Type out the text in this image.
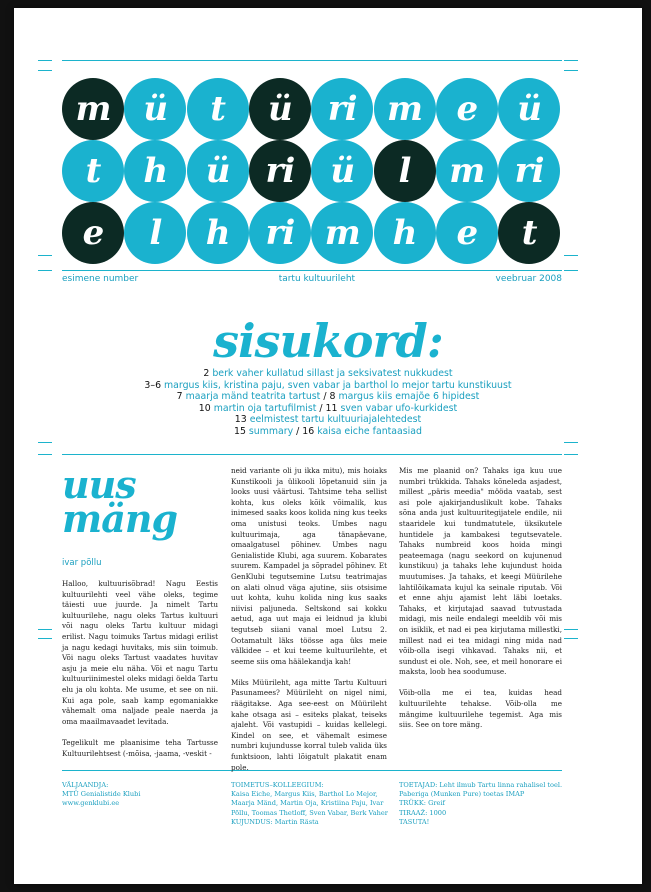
m ü	t	ü	ri m	e	ü
t	h	ü	ri	ü	l	m ri
e	l	h	ri m h	e	t
esimene number	tartu kultuurileht	veebruar 2008
sisukord:
2 berk vaher kullatud sillast ja seksivatest nukkudest
3–6 margus kiis, kristina paju, sven vabar ja barthol lo mejor tartu kunstikuust
7 maarja mänd teatrita tartust / 8 margus kiis emajõe 6 hipidest
10 martin oja tartufilmist / 11 sven vabar ufo-kurkidest
13 eelmistest tartu kultuuriajalehtedest
15 summary / 16 kaisa eiche fantaasiad
uus
mäng
ivar põllu

Halloo, kultuurisõbrad! Nagu Eestis kultuurilehti veel vähe oleks, tegime täiesti uue juurde. Ja nimelt Tartu kultuurilehe, nagu oleks Tartus kultuuri või nagu oleks Tartu kultuur midagi erilist. Nagu toimuks Tartus midagi erilist ja nagu kedagi huvitaks, mis siin toimub. Või nagu oleks Tartust vaadates huvitav asju ja meie elu näha. Või et nagu Tartu kultuuriinimestel oleks midagi öelda Tartu elu ja olu kohta. Me usume, et see on nii. Kui aga pole, saab kamp egomaniakke vähemalt oma naljade peale naerda ja oma maailmavaadet levitada.

Tegelikult me plaanisime teha Tartusse Kultuurilehtsest (-mõisa, -jaama, -veskit -

neid variante oli ju ikka mitu), mis hoiaks Kunstikooli ja ülikooli lõpetanuid siin ja looks uusi väärtusi. Tahtsime teha sellist kohta, kus oleks kõik võimalik, kus inimesed saaks koos kolida ning kus teeks oma unistusi teoks. Umbes nagu kultuurimaja, aga tänapäevane, omaalgatusel põhinev. Umbes nagu Genialistide Klubi, aga suurem. Kobarates suurem. Kampadel ja sõpradel põhinev. Et GenKlubi tegutsemine Lutsu teatrimajas on alati olnud väga ajutine, siis otsisime uut kohta, kuhu kolida ning kus saaks niivisi paljuneda. Seltskond sai kokku aetud, aga uut maja ei leidnud ja klubi tegutseb siiani vanal moel Lutsu 2. Ootamatult läks töösse aga üks meie välkidee – et kui teeme kultuurilehte, et seeme siis oma häälekandja kah!

Miks Müürileht, aga mitte Tartu Kultuuri Pasunamees? Müürileht on nigel nimi, räägitakse. Aga see-eest on Müürileht kahe otsaga asi – esiteks plakat, teiseks ajaleht. Või vastupidi – kuidas kellelegi. Kindel on see, et vähemalt esimese numbri kujundusse korral tuleb valida üks funktsioon, lahti lõigatult plakatit enam pole.

Mis me plaanid on? Tahaks iga kuu uue numbri trükkida. Tahaks kõneleda asjadest, millest „päris meedia" mööda vaatab, sest asi pole ajakirjanduslikult kobe. Tahaks sõna anda just kultuuritegijatele endile, nii staaridele kui tundmatutele, üksikutele huntidele ja kambakesi tegutsevatele. Tahaks numbreid koos hoida mingi peateemaga (nagu seekord on kujunenud kunstikuu) ja tahaks lehe kujundust hoida muutumises. Ja tahaks, et keegi Müürilehe lahtilõikamata kujul ka seinale riputab. Või et enne ahju ajamist leht läbi loetaks. Tahaks, et kirjutajad saavad tutvustada midagi, mis neile endalegi meeldib või mis on isiklik, et nad ei pea kirjutama millestki, millest nad ei tea midagi ning mida nad võib-olla isegi vihkavad. Tahaks nii, et sundust ei ole. Noh, see, et meil honorare ei maksta, loob hea soodumuse.

Võib-olla me ei tea, kuidas head kultuurilehte tehakse. Võib-olla me mängime kultuurilehe tegemist. Aga mis siis. See on tore mäng.

VÄLJAANDJA:
MTÜ Genialistide Klubi
www.genklubi.ee
TOIMETUS–KOLLEEGIUM:
Kaisa Eiche, Margus Kiis, Barthol Lo Mejor,
Maarja Mänd, Martin Oja, Kristiina Paju, Ivar
Põllu, Toomas Thetloff, Sven Vabar, Berk Vaher
KUJUNDUS: Martin Rästa
TOETAJAD: Leht ilmub Tartu linna rahalisel toel.
Paberiga (Munken Pure) toetas IMAP
TRÜKK: Greif
TIRAAŽ: 1000
TASUTA!
